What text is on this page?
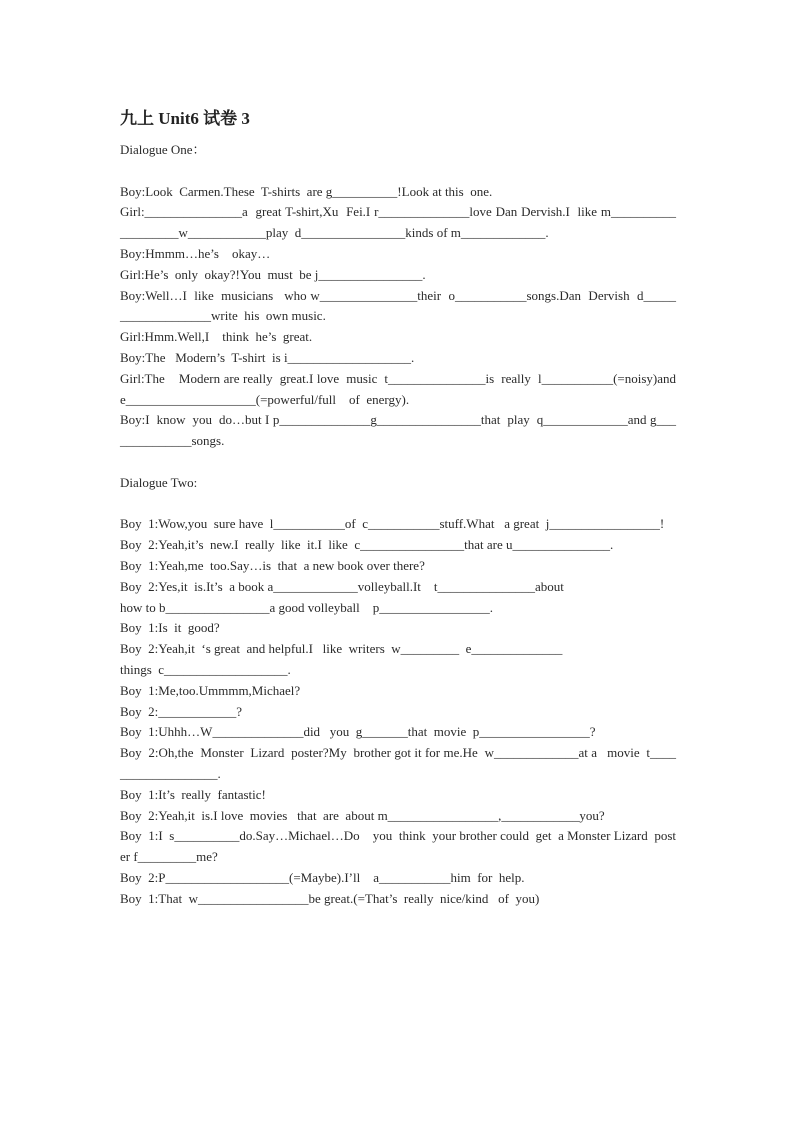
九上 Unit6 试卷 3
Dialogue One：

Boy:Look  Carmen.These  T-shirts  are g__________!Look at this  one.

Girl:_______________a  great T-shirt,Xu  Fei.I r______________love Dan Dervish.I  like m___________________w____________play  d________________kinds of m_____________.

Boy:Hmmm…he’s    okay…

Girl:He’s  only  okay?!You  must  be j________________.

Boy:Well…I  like  musicians   who w_______________their  o___________songs.Dan  Dervish  d___________________write  his  own music.

Girl:Hmm.Well,I    think  he’s  great.

Boy:The   Modern’s  T-shirt  is i___________________.

Girl:The    Modern are really  great.I love  music  t_______________is  really  l___________(=noisy)and   e____________________(=powerful/full    of  energy).

Boy:I  know  you  do…but I p______________g________________that  play  q_____________and g______________songs.

Dialogue Two:

Boy  1:Wow,you  sure have  l___________of  c___________stuff.What   a great  j_________________!

Boy  2:Yeah,it’s  new.I  really  like  it.I  like  c________________that are u_______________.

Boy  1:Yeah,me  too.Say…is  that  a new book over there?

Boy  2:Yes,it  is.It’s  a book a_____________volleyball.It    t_______________about

how to b________________a good volleyball    p_________________.

Boy  1:Is  it  good?

Boy  2:Yeah,it  ‘s great  and helpful.I   like  writers  w_________  e______________

things  c___________________.

Boy  1:Me,too.Ummmm,Michael?

Boy  2:____________?

Boy  1:Uhhh…W______________did   you  g_______that  movie  p_________________?

Boy  2:Oh,the  Monster  Lizard  poster?My  brother got it for me.He  w_____________at a   movie  t___________________.

Boy  1:It’s  really  fantastic!

Boy  2:Yeah,it  is.I love  movies   that  are  about m_________________,____________you?

Boy  1:I  s__________do.Say…Michael…Do    you  think  your brother could  get  a Monster Lizard  poster f_________me?

Boy  2:P___________________(=Maybe).I’ll    a___________him  for  help.

Boy  1:That  w_________________be great.(=That’s  really  nice/kind   of  you)
